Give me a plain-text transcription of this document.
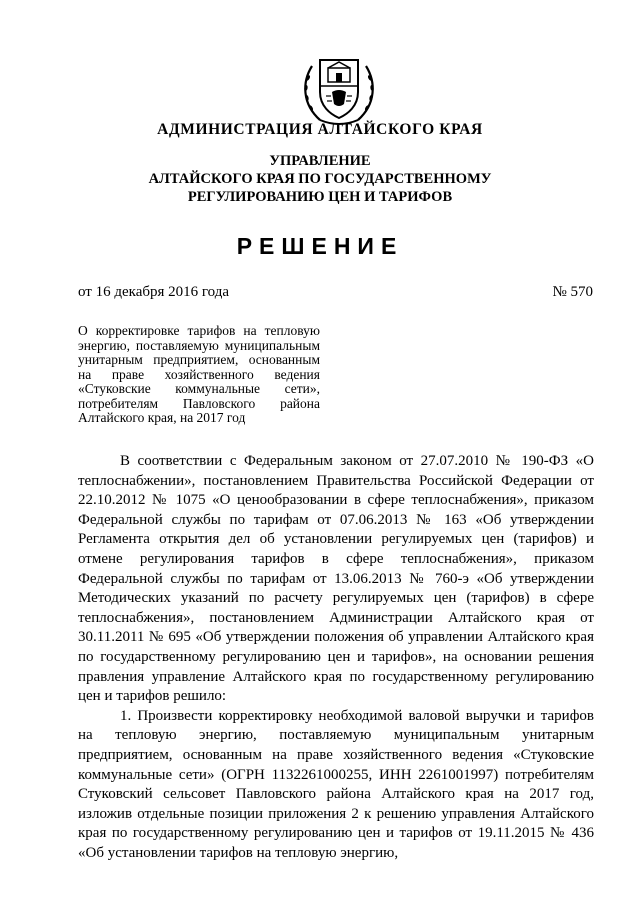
АДМИНИСТРАЦИЯ АЛТАЙСКОГО КРАЯ
УПРАВЛЕНИЕ
АЛТАЙСКОГО КРАЯ ПО ГОСУДАРСТВЕННОМУ
РЕГУЛИРОВАНИЮ ЦЕН И ТАРИФОВ
РЕШЕНИЕ
от 16 декабря 2016 года	№ 570
О корректировке тарифов на тепловую энергию, поставляемую муниципальным унитарным предприятием, основанным на праве хозяйственного ведения «Стуковские коммунальные сети», потребителям Павловского района Алтайского края, на 2017 год

В соответствии с Федеральным законом от 27.07.2010 № 190-ФЗ «О теплоснабжении», постановлением Правительства Российской Федерации от 22.10.2012 № 1075 «О ценообразовании в сфере теплоснабжения», приказом Федеральной службы по тарифам от 07.06.2013 № 163 «Об утверждении Регламента открытия дел об установлении регулируемых цен (тарифов) и отмене регулирования тарифов в сфере теплоснабжения», приказом Федеральной службы по тарифам от 13.06.2013 № 760-э «Об утверждении Методических указаний по расчету регулируемых цен (тарифов) в сфере теплоснабжения», постановлением Администрации Алтайского края от 30.11.2011 № 695 «Об утверждении положения об управлении Алтайского края по государственному регулированию цен и тарифов», на основании решения правления управление Алтайского края по государственному регулированию цен и тарифов решило:

1. Произвести корректировку необходимой валовой выручки и тарифов на тепловую энергию, поставляемую муниципальным унитарным предприятием, основанным на праве хозяйственного ведения «Стуковские коммунальные сети» (ОГРН 1132261000255, ИНН 2261001997) потребителям Стуковский сельсовет Павловского района Алтайского края на 2017 год, изложив отдельные позиции приложения 2 к решению управления Алтайского края по государственному регулированию цен и тарифов от 19.11.2015 № 436 «Об установлении тарифов на тепловую энергию,
